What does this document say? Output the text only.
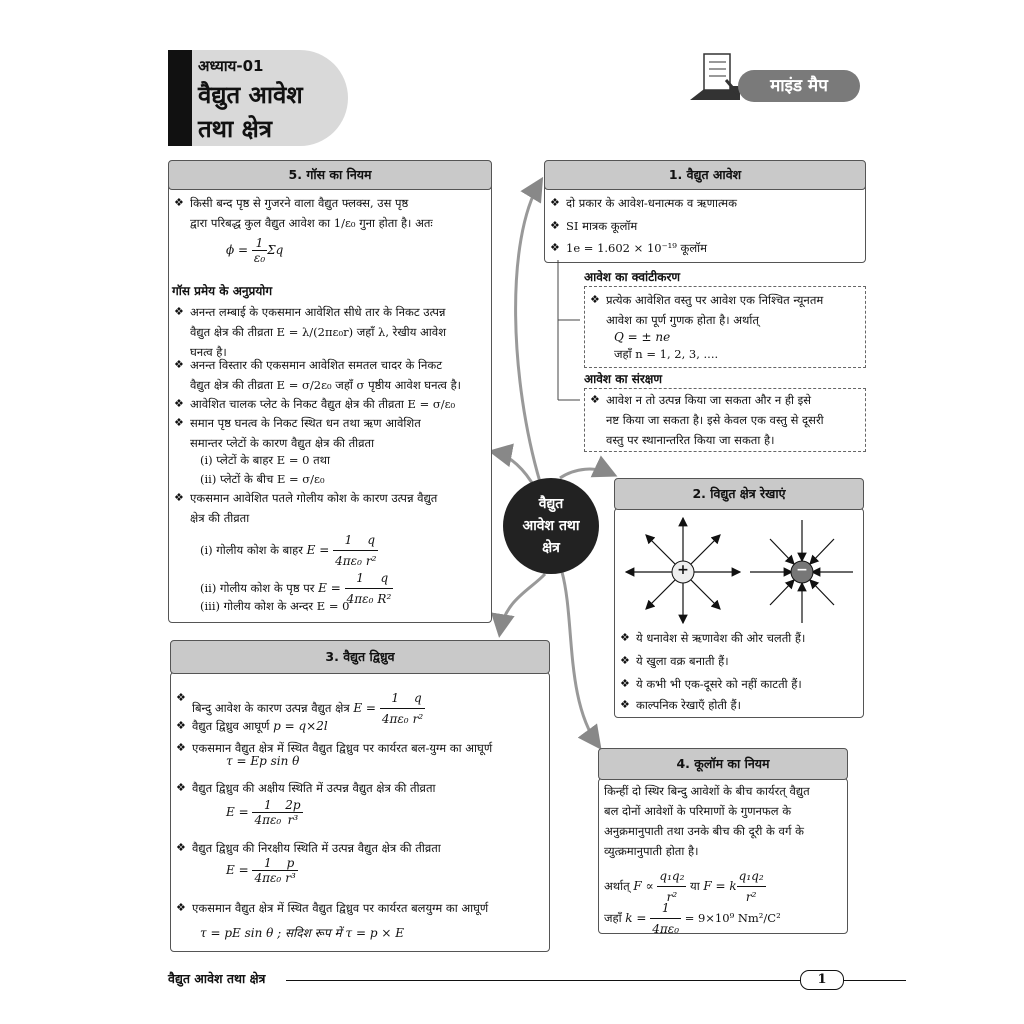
अध्याय-01
वैद्युत आवेश
तथा क्षेत्र
माइंड मैप
वैद्युत
आवेश तथा
क्षेत्र
5. गॉस का नियम
❖ किसी बन्द पृष्ठ से गुजरने वाला वैद्युत फ्लक्स, उस पृष्ठ
द्वारा परिबद्ध कुल वैद्युत आवेश का 1/ε₀ गुना होता है। अतः
$\phi = \frac{1}{\text{ε₀}}$ Σq
गॉस प्रमेय के अनुप्रयोग
❖ अनन्त लम्बाई के एकसमान आवेशित सीधे तार के निकट उत्पन्न
वैद्युत क्षेत्र की तीव्रता E = λ/(2πε₀r) जहाँ λ, रेखीय आवेश
घनत्व है।
❖ अनन्त विस्तार की एकसमान आवेशित समतल चादर के निकट
वैद्युत क्षेत्र की तीव्रता E = σ/2ε₀ जहाँ σ पृष्ठीय आवेश घनत्व है।
❖ आवेशित चालक प्लेट के निकट वैद्युत क्षेत्र की तीव्रता E = σ/ε₀
❖ समान पृष्ठ घनत्व के निकट स्थित धन तथा ऋण आवेशित
समान्तर प्लेटों के कारण वैद्युत क्षेत्र की तीव्रता
(i) प्लेटों के बाहर E = 0 तथा
(ii) प्लेटों के बीच E = σ/ε₀
❖ एकसमान आवेशित पतले गोलीय कोश के कारण उत्पन्न वैद्युत
क्षेत्र की तीव्रता
(i) गोलीय कोश के बाहर $E = \frac{1}{\text{4πε₀}} \frac{q}{\text{r²}}$
(ii) गोलीय कोश के पृष्ठ पर $E = \frac{1}{\text{4πε₀}} \frac{q}{\text{R²}}$
(iii) गोलीय कोश के अन्दर E = 0
1. वैद्युत आवेश
❖ दो प्रकार के आवेश-धनात्मक व ऋणात्मक
❖ SI मात्रक कूलॉम
❖ 1e = 1.602 × 10⁻¹⁹ कूलॉम
आवेश का क्वांटीकरण
❖ प्रत्येक आवेशित वस्तु पर आवेश एक निश्चित न्यूनतम
आवेश का पूर्ण गुणक होता है। अर्थात्
Q = ± ne
जहाँ n = 1, 2, 3, ....
आवेश का संरक्षण
❖ आवेश न तो उत्पन्न किया जा सकता और न ही इसे
नष्ट किया जा सकता है। इसे केवल एक वस्तु से दूसरी
वस्तु पर स्थानान्तरित किया जा सकता है।
2. विद्युत क्षेत्र रेखाएं
+	−
❖ ये धनावेश से ऋणावेश की ओर चलती हैं।
❖ ये खुला वक्र बनाती हैं।
❖ ये कभी भी एक-दूसरे को नहीं काटती हैं।
❖ काल्पनिक रेखाएँ होती हैं।
3. वैद्युत द्विध्रुव
❖ बिन्दु आवेश के कारण उत्पन्न वैद्युत क्षेत्र $E = \frac{1}{\text{4πε₀}} \frac{q}{\text{r²}}$
❖ वैद्युत द्विध्रुव आघूर्ण p = q×2l
❖ एकसमान वैद्युत क्षेत्र में स्थित वैद्युत द्विध्रुव पर कार्यरत बल-युग्म का आघूर्ण
τ = Ep sin θ
❖ वैद्युत द्विध्रुव की अक्षीय स्थिति में उत्पन्न वैद्युत क्षेत्र की तीव्रता
$E = \frac{1}{\text{4πε₀}} \frac{2p}{\text{r³}}$
❖ वैद्युत द्विध्रुव की निरक्षीय स्थिति में उत्पन्न वैद्युत क्षेत्र की तीव्रता
$E = \frac{1}{\text{4πε₀}} \frac{p}{\text{r³}}$
❖ एकसमान वैद्युत क्षेत्र में स्थित वैद्युत द्विध्रुव पर कार्यरत बलयुग्म का आघूर्ण
τ = pE sin θ ; सदिश रूप में τ = p × E
4. कूलॉम का नियम
किन्हीं दो स्थिर बिन्दु आवेशों के बीच कार्यरत् वैद्युत
बल दोनों आवेशों के परिमाणों के गुणनफल के
अनुक्रमानुपाती तथा उनके बीच की दूरी के वर्ग के
व्युत्क्रमानुपाती होता है।
अर्थात् $F \propto \frac{\text{q₁q₂}}{\text{r²}}$ या F = k $\frac{\text{q₁q₂}}{\text{r²}}$
जहाँ $k = \frac{1}{\text{4πε₀}} = 9\times 10^9$ Nm²/C²
वैद्युत आवेश तथा क्षेत्र	1
